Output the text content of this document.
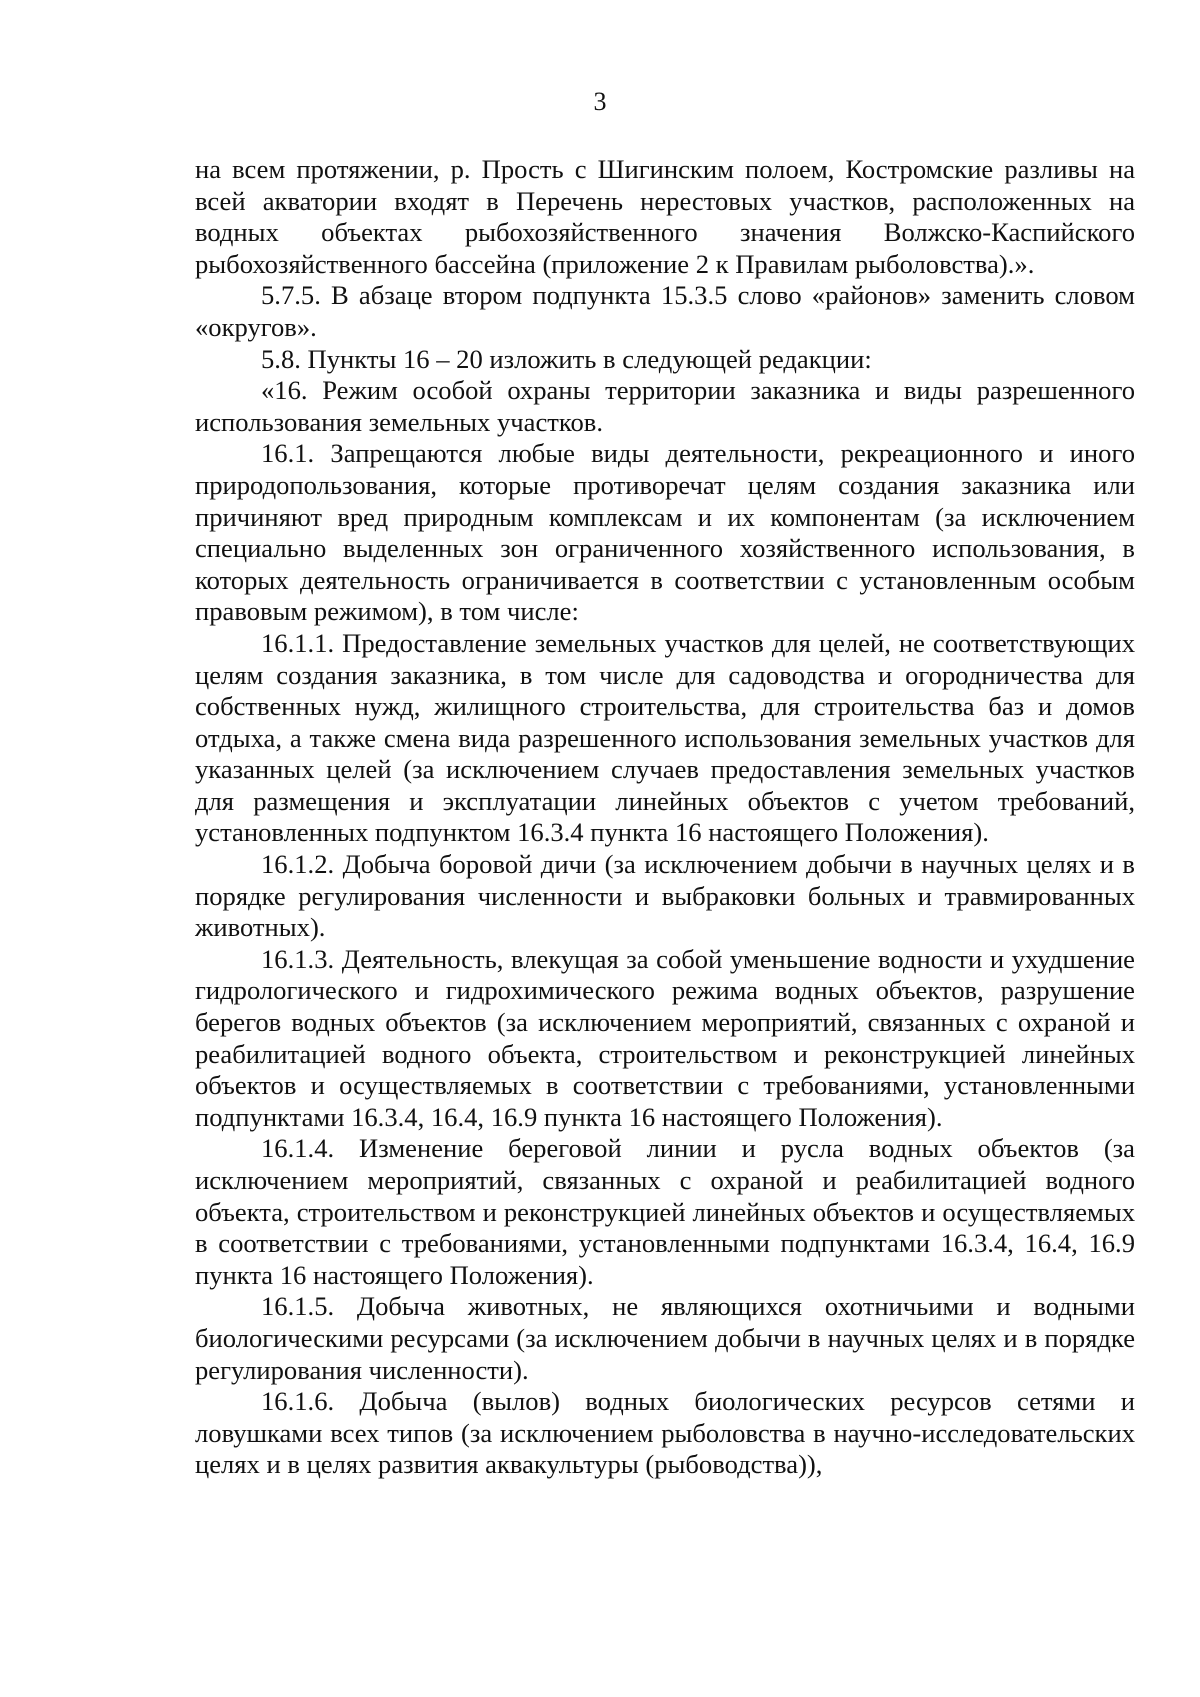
3

на всем протяжении, р. Прость с Шигинским полоем, Костромские разливы на всей акватории входят в Перечень нерестовых участков, расположенных на водных объектах рыбохозяйственного значения Волжско-Каспийского рыбохозяйственного бассейна (приложение 2 к Правилам рыболовства).».

5.7.5. В абзаце втором подпункта 15.3.5 слово «районов» заменить словом «округов».

5.8. Пункты 16 – 20 изложить в следующей редакции:

«16. Режим особой охраны территории заказника и виды разрешенного использования земельных участков.

16.1. Запрещаются любые виды деятельности, рекреационного и иного природопользования, которые противоречат целям создания заказника или причиняют вред природным комплексам и их компонентам (за исключением специально выделенных зон ограниченного хозяйственного использования, в которых деятельность ограничивается в соответствии с установленным особым правовым режимом), в том числе:

16.1.1. Предоставление земельных участков для целей, не соответствующих целям создания заказника, в том числе для садоводства и огородничества для собственных нужд, жилищного строительства, для строительства баз и домов отдыха, а также смена вида разрешенного использования земельных участков для указанных целей (за исключением случаев предоставления земельных участков для размещения и эксплуатации линейных объектов с учетом требований, установленных подпунктом 16.3.4 пункта 16 настоящего Положения).

16.1.2. Добыча боровой дичи (за исключением добычи в научных целях и в порядке регулирования численности и выбраковки больных и травмированных животных).

16.1.3. Деятельность, влекущая за собой уменьшение водности и ухудшение гидрологического и гидрохимического режима водных объектов, разрушение берегов водных объектов (за исключением мероприятий, связанных с охраной и реабилитацией водного объекта, строительством и реконструкцией линейных объектов и осуществляемых в соответствии с требованиями, установленными подпунктами 16.3.4, 16.4, 16.9 пункта 16 настоящего Положения).

16.1.4. Изменение береговой линии и русла водных объектов (за исключением мероприятий, связанных с охраной и реабилитацией водного объекта, строительством и реконструкцией линейных объектов и осуществляемых в соответствии с требованиями, установленными подпунктами 16.3.4, 16.4, 16.9 пункта 16 настоящего Положения).

16.1.5. Добыча животных, не являющихся охотничьими и водными биологическими ресурсами (за исключением добычи в научных целях и в порядке регулирования численности).

16.1.6. Добыча (вылов) водных биологических ресурсов сетями и ловушками всех типов (за исключением рыболовства в научно-исследовательских целях и в целях развития аквакультуры (рыбоводства)),
